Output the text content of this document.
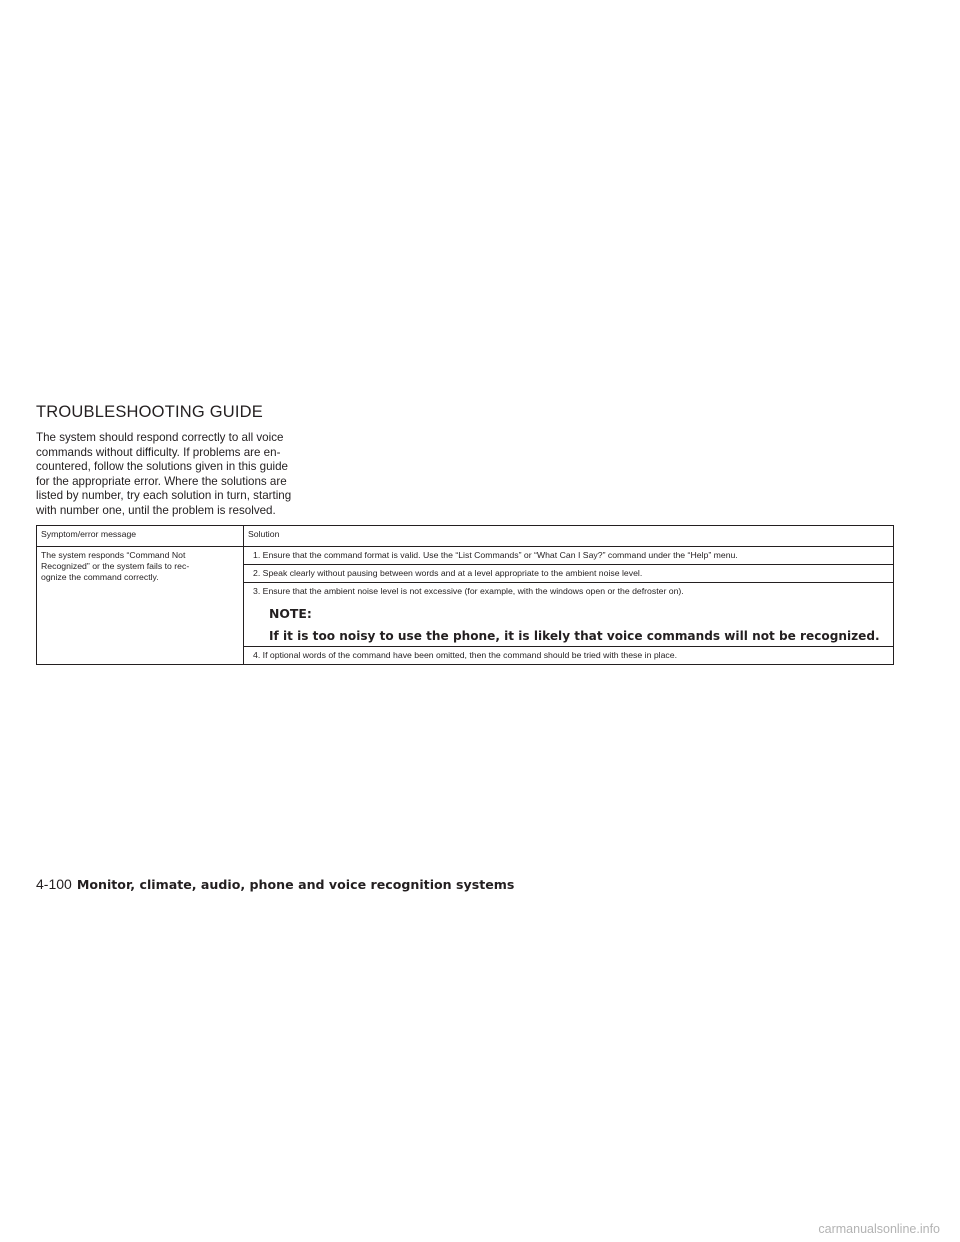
TROUBLESHOOTING GUIDE

The system should respond correctly to all voice
commands without difficulty. If problems are en-
countered, follow the solutions given in this guide
for the appropriate error. Where the solutions are
listed by number, try each solution in turn, starting
with number one, until the problem is resolved.

Symptom/error message	Solution

The system responds “Command Not
Recognized” or the system fails to rec-
ognize the command correctly.	1. Ensure that the command format is valid. Use the “List Commands” or “What Can I Say?” command under the “Help” menu.
	2. Speak clearly without pausing between words and at a level appropriate to the ambient noise level.

	3. Ensure that the ambient noise level is not excessive (for example, with the windows open or the defroster on).
NOTE:
If it is too noisy to use the phone, it is likely that voice commands will not be recognized.

	4. If optional words of the command have been omitted, then the command should be tried with these in place.
4-100 Monitor, climate, audio, phone and voice recognition systems
carmanualsonline.info
